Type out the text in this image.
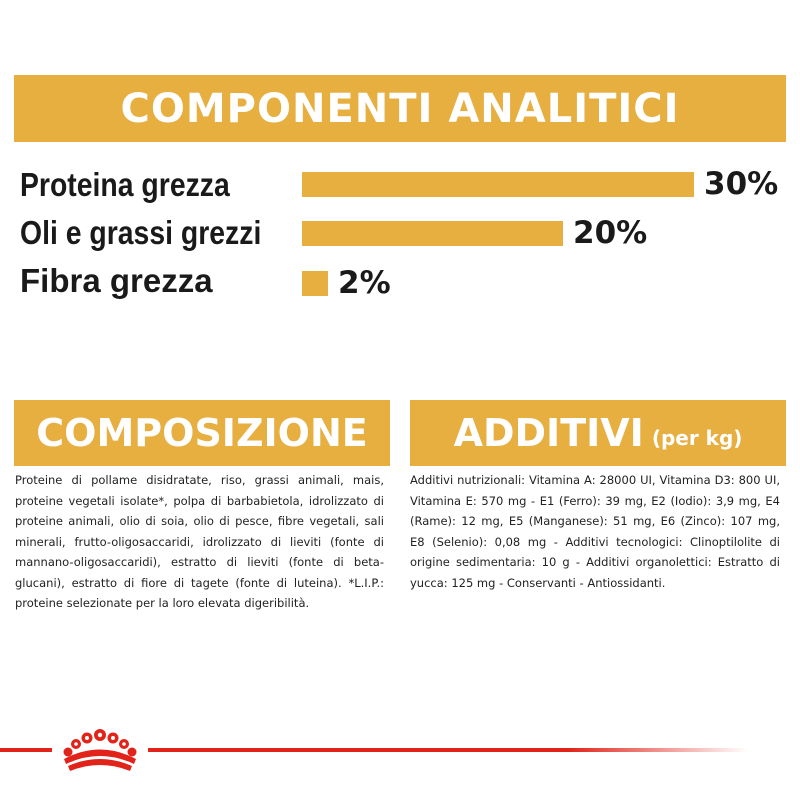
COMPONENTI ANALITICI
Proteina grezza	30%
Oli e grassi grezzi	20%
Fibra grezza	2%
COMPOSIZIONE
Proteine di pollame disidratate, riso, grassi animali, mais, proteine vegetali isolate*, polpa di barbabietola, idrolizzato di proteine animali, olio di soia, olio di pesce, fibre vegetali, sali minerali, frutto-oligosaccaridi, idrolizzato di lieviti (fonte di mannano-oligosaccaridi), estratto di lieviti (fonte di beta-glucani), estratto di fiore di tagete (fonte di luteina). *L.I.P.: proteine selezionate per la loro elevata digeribilità.
ADDITIVI (per kg)
Additivi nutrizionali: Vitamina A: 28000 UI, Vitamina D3: 800 UI, Vitamina E: 570 mg - E1 (Ferro): 39 mg, E2 (Iodio): 3,9 mg, E4 (Rame): 12 mg, E5 (Manganese): 51 mg, E6 (Zinco): 107 mg, E8 (Selenio): 0,08 mg - Additivi tecnologici: Clinoptilolite di origine sedimentaria: 10 g - Additivi organolettici: Estratto di yucca: 125 mg - Conservanti - Antiossidanti.
